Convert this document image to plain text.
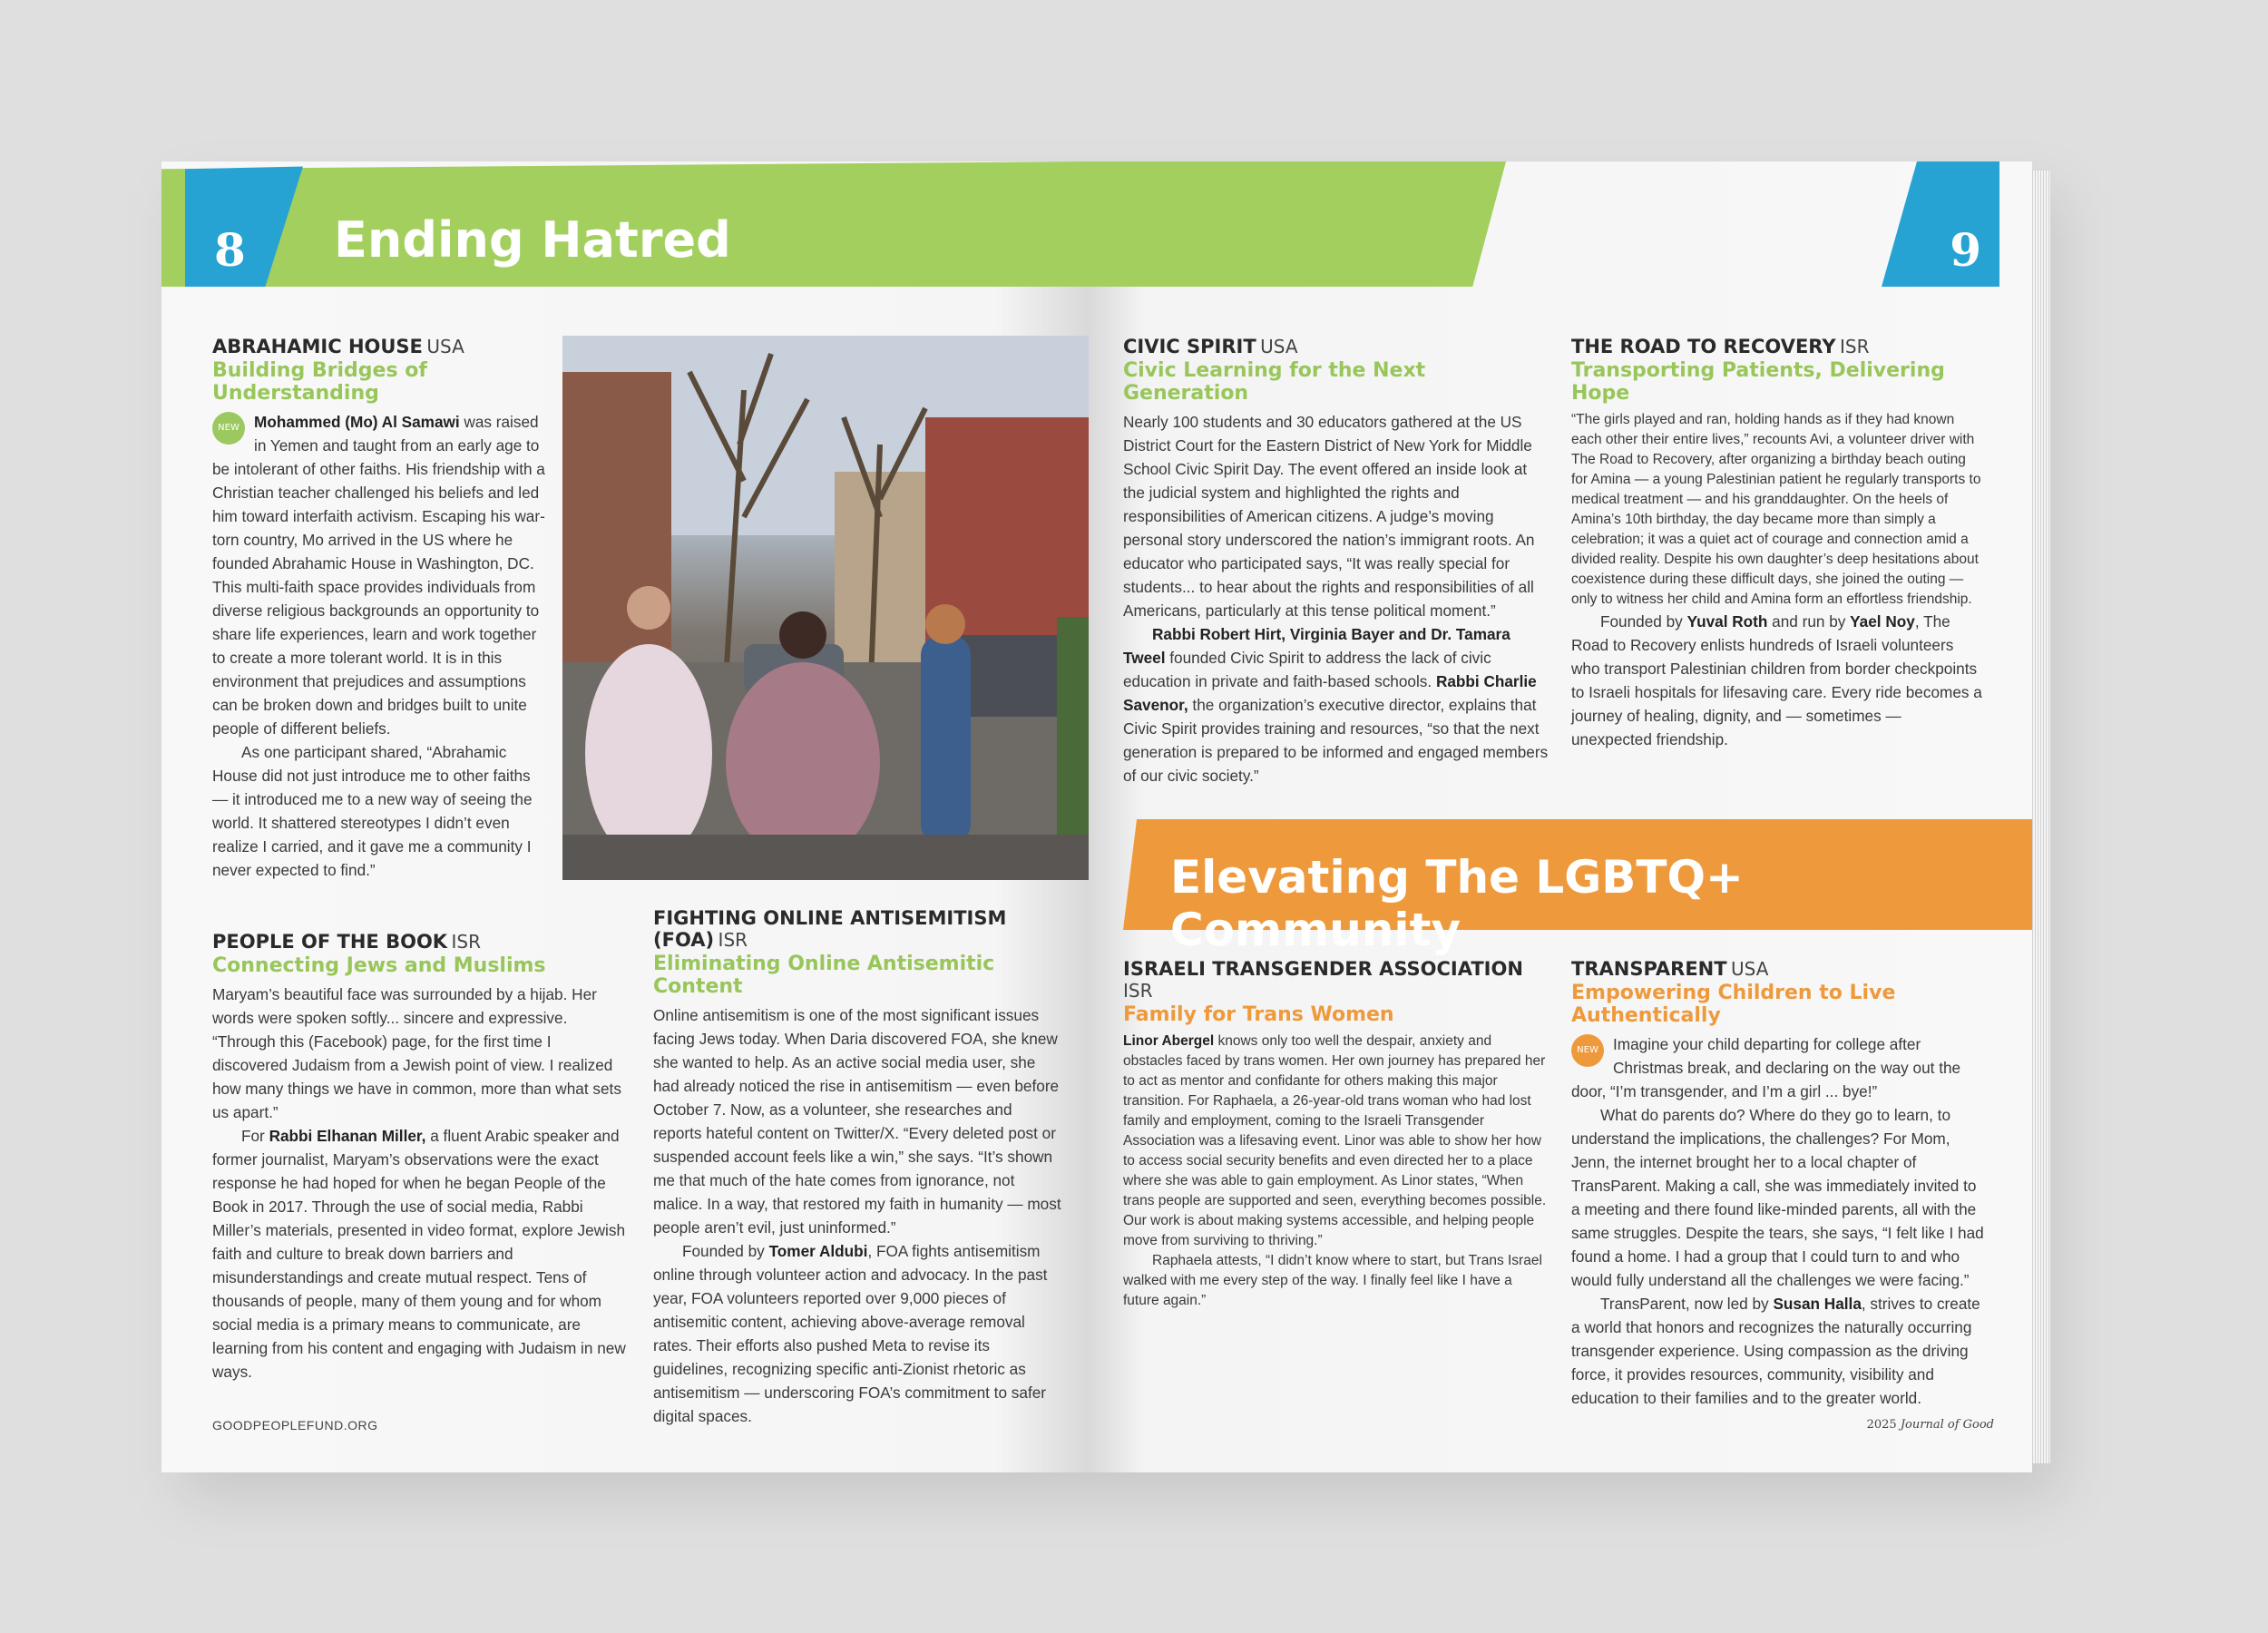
8 Ending Hatred
ABRAHAMIC HOUSE USA
Building Bridges of Understanding
NEW Mohammed (Mo) Al Samawi was raised in Yemen and taught from an early age to be intolerant of other faiths. His friendship with a Christian teacher challenged his beliefs and led him toward interfaith activism. Escaping his war-torn country, Mo arrived in the US where he founded Abrahamic House in Washington, DC. This multi-faith space provides individuals from diverse religious backgrounds an opportunity to share life experiences, learn and work together to create a more tolerant world. It is in this environment that prejudices and assumptions can be broken down and bridges built to unite people of different beliefs.

As one participant shared, “Abrahamic House did not just introduce me to other faiths — it introduced me to a new way of seeing the world. It shattered stereotypes I didn’t even realize I carried, and it gave me a community I never expected to find.”

PEOPLE OF THE BOOK ISR
Connecting Jews and Muslims

Maryam’s beautiful face was surrounded by a hijab. Her words were spoken softly... sincere and expressive. “Through this (Facebook) page, for the first time I discovered Judaism from a Jewish point of view. I realized how many things we have in common, more than what sets us apart.”

For Rabbi Elhanan Miller, a fluent Arabic speaker and former journalist, Maryam’s observations were the exact response he had hoped for when he began People of the Book in 2017. Through the use of social media, Rabbi Miller’s materials, presented in video format, explore Jewish faith and culture to break down barriers and misunderstandings and create mutual respect. Tens of thousands of people, many of them young and for whom social media is a primary means to communicate, are learning from his content and engaging with Judaism in new ways.

FIGHTING ONLINE ANTISEMITISM (FOA) ISR
Eliminating Online Antisemitic Content

Online antisemitism is one of the most significant issues facing Jews today. When Daria discovered FOA, she knew she wanted to help. As an active social media user, she had already noticed the rise in antisemitism — even before October 7. Now, as a volunteer, she researches and reports hateful content on Twitter/X. “Every deleted post or suspended account feels like a win,” she says. “It’s shown me that much of the hate comes from ignorance, not malice. In a way, that restored my faith in humanity — most people aren’t evil, just uninformed.”

Founded by Tomer Aldubi, FOA fights antisemitism online through volunteer action and advocacy. In the past year, FOA volunteers reported over 9,000 pieces of antisemitic content, achieving above-average removal rates. Their efforts also pushed Meta to revise its guidelines, recognizing specific anti-Zionist rhetoric as antisemitism — underscoring FOA’s commitment to safer digital spaces.

GOODPEOPLEFUND.ORG
9
CIVIC SPIRIT USA
Civic Learning for the Next Generation

Nearly 100 students and 30 educators gathered at the US District Court for the Eastern District of New York for Middle School Civic Spirit Day. The event offered an inside look at the judicial system and highlighted the rights and responsibilities of American citizens. A judge’s moving personal story underscored the nation’s immigrant roots. An educator who participated says, “It was really special for students... to hear about the rights and responsibilities of all Americans, particularly at this tense political moment.”

Rabbi Robert Hirt, Virginia Bayer and Dr. Tamara Tweel founded Civic Spirit to address the lack of civic education in private and faith-based schools. Rabbi Charlie Savenor, the organization’s executive director, explains that Civic Spirit provides training and resources, “so that the next generation is prepared to be informed and engaged members of our civic society.”

THE ROAD TO RECOVERY ISR
Transporting Patients, Delivering Hope

“The girls played and ran, holding hands as if they had known each other their entire lives,” recounts Avi, a volunteer driver with The Road to Recovery, after organizing a birthday beach outing for Amina — a young Palestinian patient he regularly transports to medical treatment — and his granddaughter. On the heels of Amina’s 10th birthday, the day became more than simply a celebration; it was a quiet act of courage and connection amid a divided reality. Despite his own daughter’s deep hesitations about coexistence during these difficult days, she joined the outing — only to witness her child and Amina form an effortless friendship.

Founded by Yuval Roth and run by Yael Noy, The Road to Recovery enlists hundreds of Israeli volunteers who transport Palestinian children from border checkpoints to Israeli hospitals for lifesaving care. Every ride becomes a journey of healing, dignity, and — sometimes — unexpected friendship.

Elevating The LGBTQ+ Community
ISRAELI TRANSGENDER ASSOCIATION ISR
Family for Trans Women

Linor Abergel knows only too well the despair, anxiety and obstacles faced by trans women. Her own journey has prepared her to act as mentor and confidante for others making this major transition. For Raphaela, a 26-year-old trans woman who had lost family and employment, coming to the Israeli Transgender Association was a lifesaving event. Linor was able to show her how to access social security benefits and even directed her to a place where she was able to gain employment. As Linor states, “When trans people are supported and seen, everything becomes possible. Our work is about making systems accessible, and helping people move from surviving to thriving.”

Raphaela attests, “I didn’t know where to start, but Trans Israel walked with me every step of the way. I finally feel like I have a future again.”

TRANSPARENT USA
Empowering Children to Live Authentically
NEW Imagine your child departing for college after Christmas break, and declaring on the way out the door, “I’m transgender, and I’m a girl ... bye!”

What do parents do? Where do they go to learn, to understand the implications, the challenges? For Mom, Jenn, the internet brought her to a local chapter of TransParent. Making a call, she was immediately invited to a meeting and there found like-minded parents, all with the same struggles. Despite the tears, she says, “I felt like I had found a home. I had a group that I could turn to and who would fully understand all the challenges we were facing.”

TransParent, now led by Susan Halla, strives to create a world that honors and recognizes the naturally occurring transgender experience. Using compassion as the driving force, it provides resources, community, visibility and education to their families and to the greater world.

2025 Journal of Good
